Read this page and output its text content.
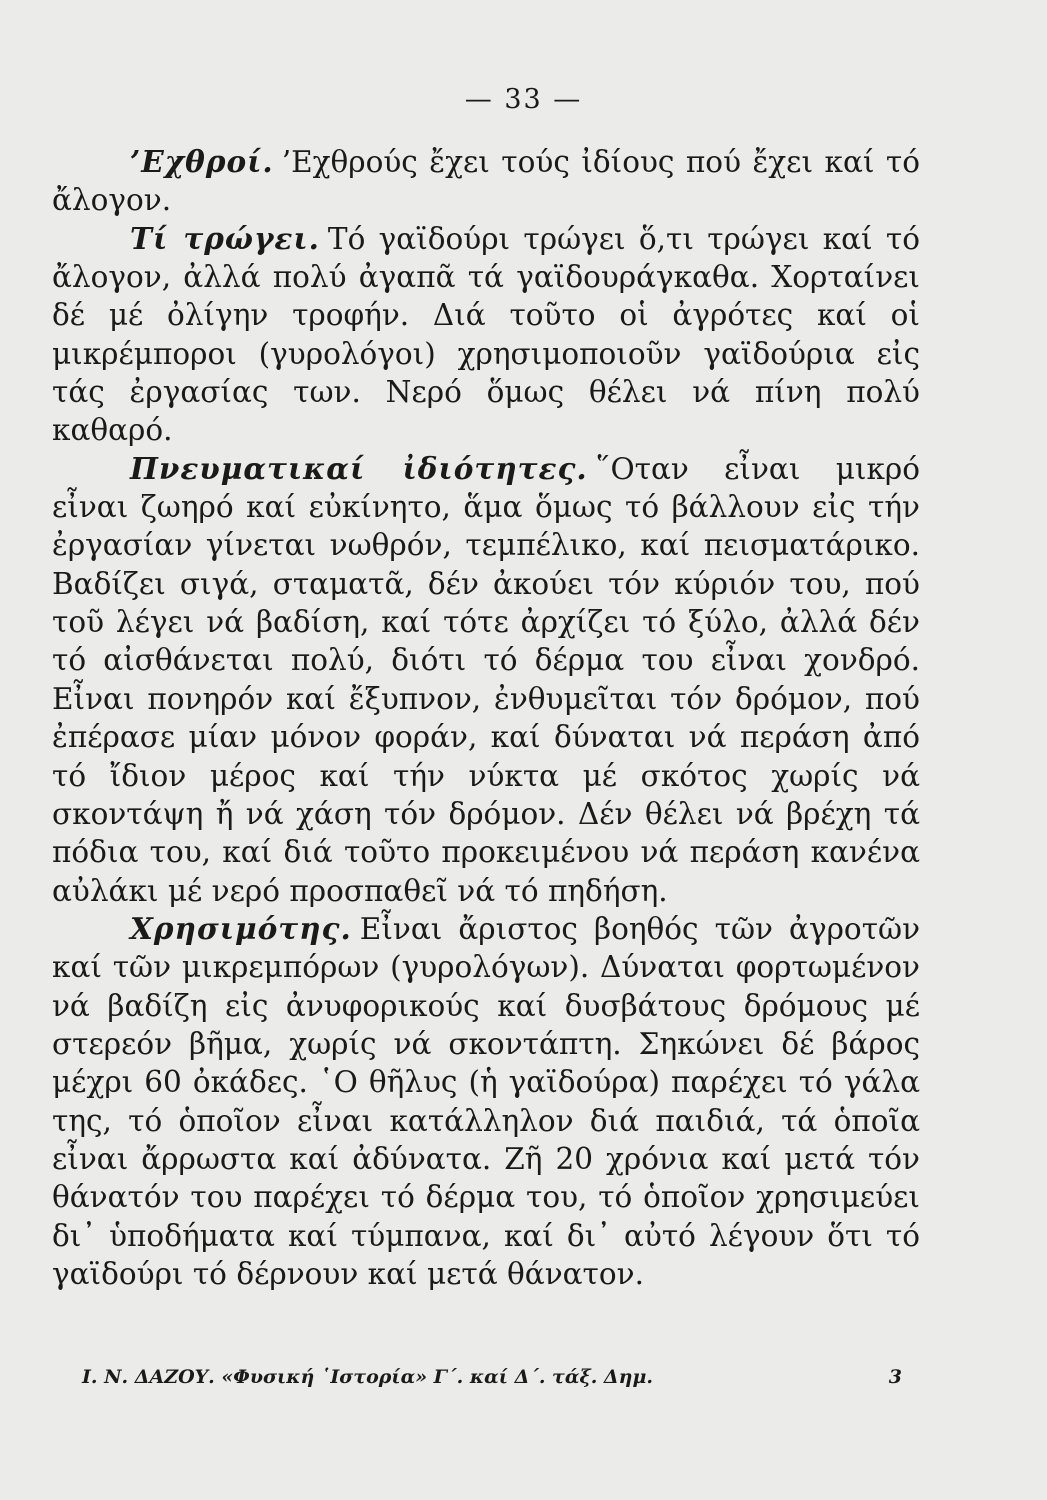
— 33 —

’Εχθροί. ’Εχθρούς ἔχει τούς ἰδίους πού ἔχει καί τό ἄλογον.

Τί τρώγει. Τό γαϊδούρι τρώγει ὅ,τι τρώγει καί τό ἄλογον, ἀλλά πολύ ἀγαπᾶ τά γαϊδουράγκαθα. Χορταίνει δέ μέ ὀλίγην τροφήν. Διά τοῦτο οἱ ἀγρότες καί οἱ μικρέμποροι (γυρολόγοι) χρησιμοποιοῦν γαϊδούρια εἰς τάς ἐργασίας των. Νερό ὅμως θέλει νά πίνη πολύ καθαρό.

Πνευματικαί ἰδιότητες. ῞Οταν εἶναι μικρό εἶναι ζωηρό καί εὐκίνητο, ἅμα ὅμως τό βάλλουν εἰς τήν ἐργασίαν γίνεται νωθρόν, τεμπέλικο, καί πεισματάρικο. Βαδίζει σιγά, σταματᾶ, δέν ἀκούει τόν κύριόν του, πού τοῦ λέγει νά βαδίση, καί τότε ἀρχίζει τό ξύλο, ἀλλά δέν τό αἰσθάνεται πολύ, διότι τό δέρμα του εἶναι χονδρό. Εἶναι πονηρόν καί ἔξυπνον, ἐνθυμεῖται τόν δρόμον, πού ἐπέρασε μίαν μόνον φοράν, καί δύναται νά περάση ἀπό τό ἴδιον μέρος καί τήν νύκτα μέ σκότος χωρίς νά σκοντάψη ἤ νά χάση τόν δρόμον. Δέν θέλει νά βρέχη τά πόδια του, καί διά τοῦτο προκειμένου νά περάση κανένα αὐλάκι μέ νερό προσπαθεῖ νά τό πηδήση.

Χρησιμότης. Εἶναι ἄριστος βοηθός τῶν ἀγροτῶν καί τῶν μικρεμπόρων (γυρολόγων). Δύναται φορτωμένον νά βαδίζη εἰς ἀνυφορικούς καί δυσβάτους δρόμους μέ στερεόν βῆμα, χωρίς νά σκοντάπτη. Σηκώνει δέ βάρος μέχρι 60 ὀκάδες. ῾Ο θῆλυς (ἡ γαϊδούρα) παρέχει τό γάλα της, τό ὁποῖον εἶναι κατάλληλον διά παιδιά, τά ὁποῖα εἶναι ἄρρωστα καί ἀδύνατα. Ζῆ 20 χρόνια καί μετά τόν θάνατόν του παρέχει τό δέρμα του, τό ὁποῖον χρησιμεύει δι᾿ ὑποδήματα καί τύμπανα, καί δι᾿ αὐτό λέγουν ὅτι τό γαϊδούρι τό δέρνουν καί μετά θάνατον.

Ι. Ν. ΔΑΖΟΥ. «Φυσική ῾Ιστορία» Γ΄. καί Δ΄. τάξ. Δημ.	3
